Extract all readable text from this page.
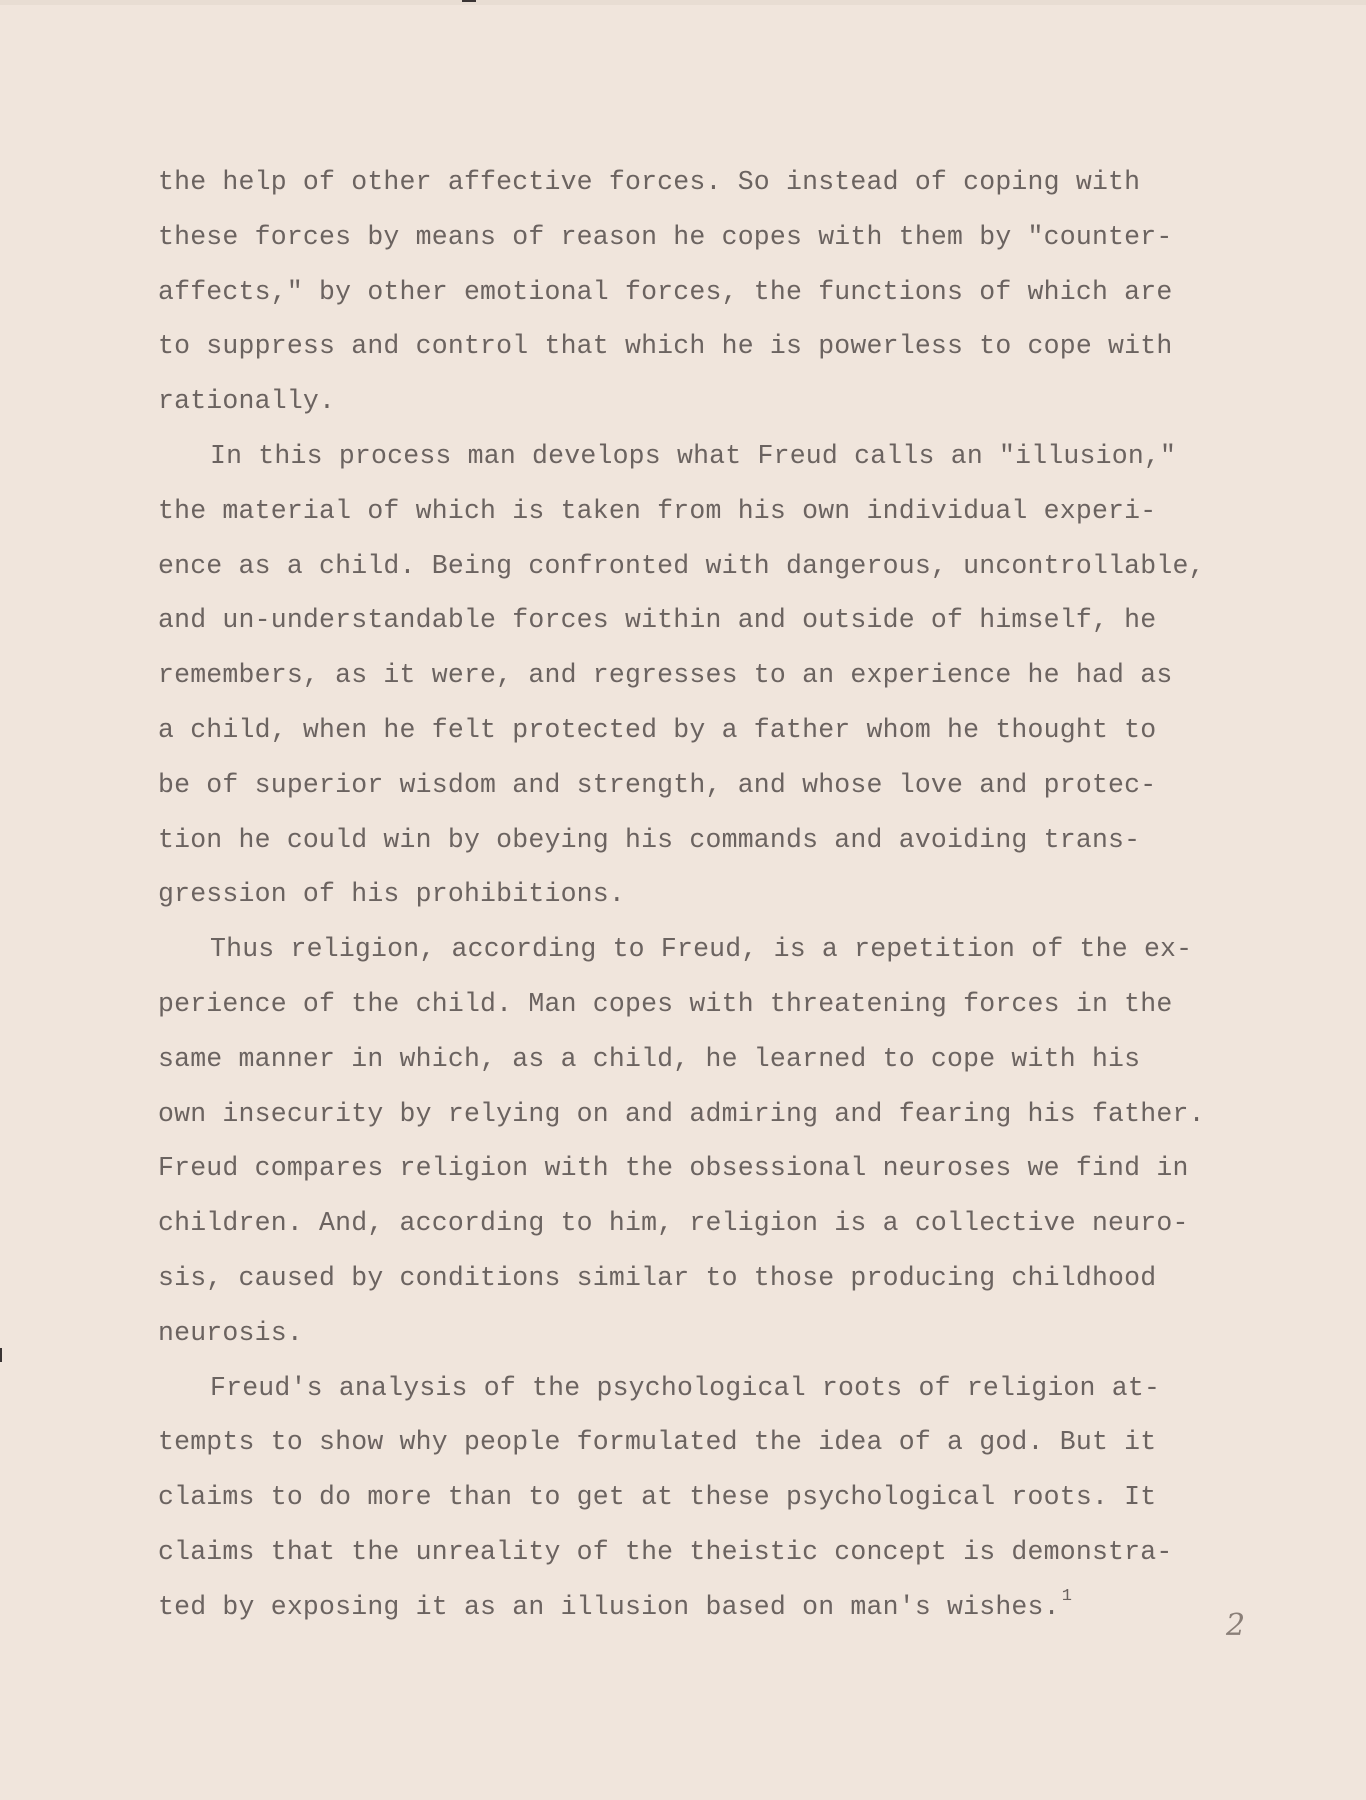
the help of other affective forces. So instead of coping with
these forces by means of reason he copes with them by "counter-
affects," by other emotional forces, the functions of which are
to suppress and control that which he is powerless to cope with
rationally.
In this process man develops what Freud calls an "illusion,"
the material of which is taken from his own individual experi-
ence as a child. Being confronted with dangerous, uncontrollable,
and un-understandable forces within and outside of himself, he
remembers, as it were, and regresses to an experience he had as
a child, when he felt protected by a father whom he thought to
be of superior wisdom and strength, and whose love and protec-
tion he could win by obeying his commands and avoiding trans-
gression of his prohibitions.
Thus religion, according to Freud, is a repetition of the ex-
perience of the child. Man copes with threatening forces in the
same manner in which, as a child, he learned to cope with his
own insecurity by relying on and admiring and fearing his father.
Freud compares religion with the obsessional neuroses we find in
children. And, according to him, religion is a collective neuro-
sis, caused by conditions similar to those producing childhood
neurosis.
Freud's analysis of the psychological roots of religion at-
tempts to show why people formulated the idea of a god. But it
claims to do more than to get at these psychological roots. It
claims that the unreality of the theistic concept is demonstra-
ted by exposing it as an illusion based on man's wishes. $^1$
2
